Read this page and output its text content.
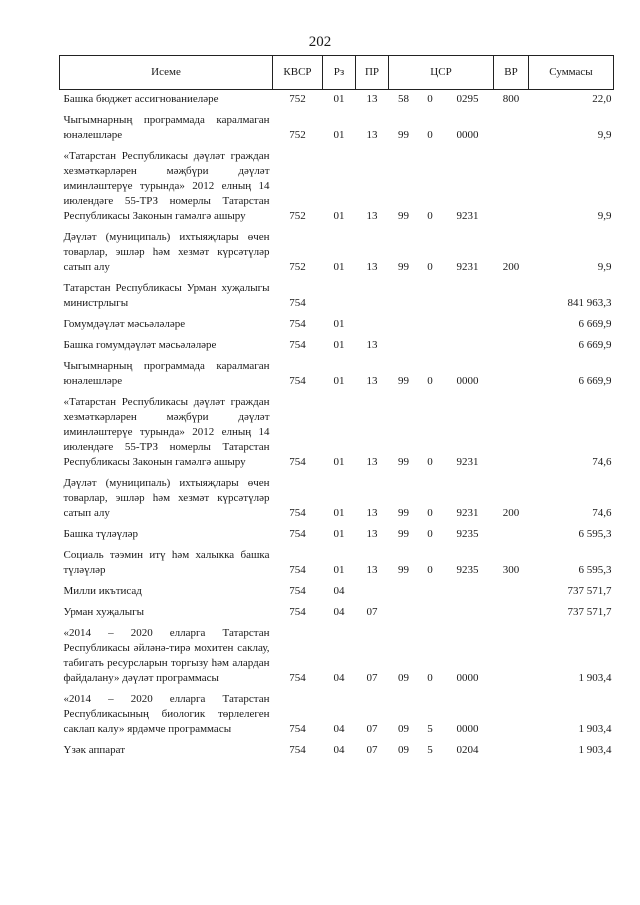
202
Исеме	КВСР	Рз	ПР	ЦСР			ВР	Суммасы
Башка бюджет ассигнованиеләре	752	01	13	58	0	0295	800	22,0
Чыгымнарның программада каралмаган юнәлешләре	752	01	13	99	0	0000		9,9
«Татарстан Республикасы дәүләт граждан хезмәткәрләрен мәҗбүри дәүләт иминләштерүе турында» 2012 елның 14 июлендәге 55-ТРЗ номерлы Татарстан Республикасы Законын гамәлгә ашыру	752	01	13	99	0	9231		9,9
Дәүләт (муниципаль) ихтыяҗлары өчен товарлар, эшләр һәм хезмәт күрсәтүләр сатып алу	752	01	13	99	0	9231	200	9,9
Татарстан Республикасы Урман хуҗалыгы министрлыгы	754							841 963,3
Гомумдәүләт мәсьәләләре	754	01						6 669,9
Башка гомумдәүләт мәсьәләләре	754	01	13					6 669,9
Чыгымнарның программада каралмаган юнәлешләре	754	01	13	99	0	0000		6 669,9
«Татарстан Республикасы дәүләт граждан хезмәткәрләрен мәҗбүри дәүләт иминләштерүе турында» 2012 елның 14 июлендәге 55-ТРЗ номерлы Татарстан Республикасы Законын гамәлгә ашыру	754	01	13	99	0	9231		74,6
Дәүләт (муниципаль) ихтыяҗлары өчен товарлар, эшләр һәм хезмәт күрсәтүләр сатып алу	754	01	13	99	0	9231	200	74,6
Башка түләүләр	754	01	13	99	0	9235		6 595,3
Социаль тәэмин итү һәм халыкка башка түләүләр	754	01	13	99	0	9235	300	6 595,3
Милли икътисад	754	04						737 571,7
Урман хуҗалыгы	754	04	07					737 571,7
«2014 – 2020 елларга Татарстан Республикасы әйләнә-тирә мохитен саклау, табигать ресурсларын торгызу һәм алардан файдалану» дәүләт программасы	754	04	07	09	0	0000		1 903,4
«2014 – 2020 елларга Татарстан Республикасының биологик төрлелеген саклап калу» ярдәмче программасы	754	04	07	09	5	0000		1 903,4
Үзәк аппарат	754	04	07	09	5	0204		1 903,4
